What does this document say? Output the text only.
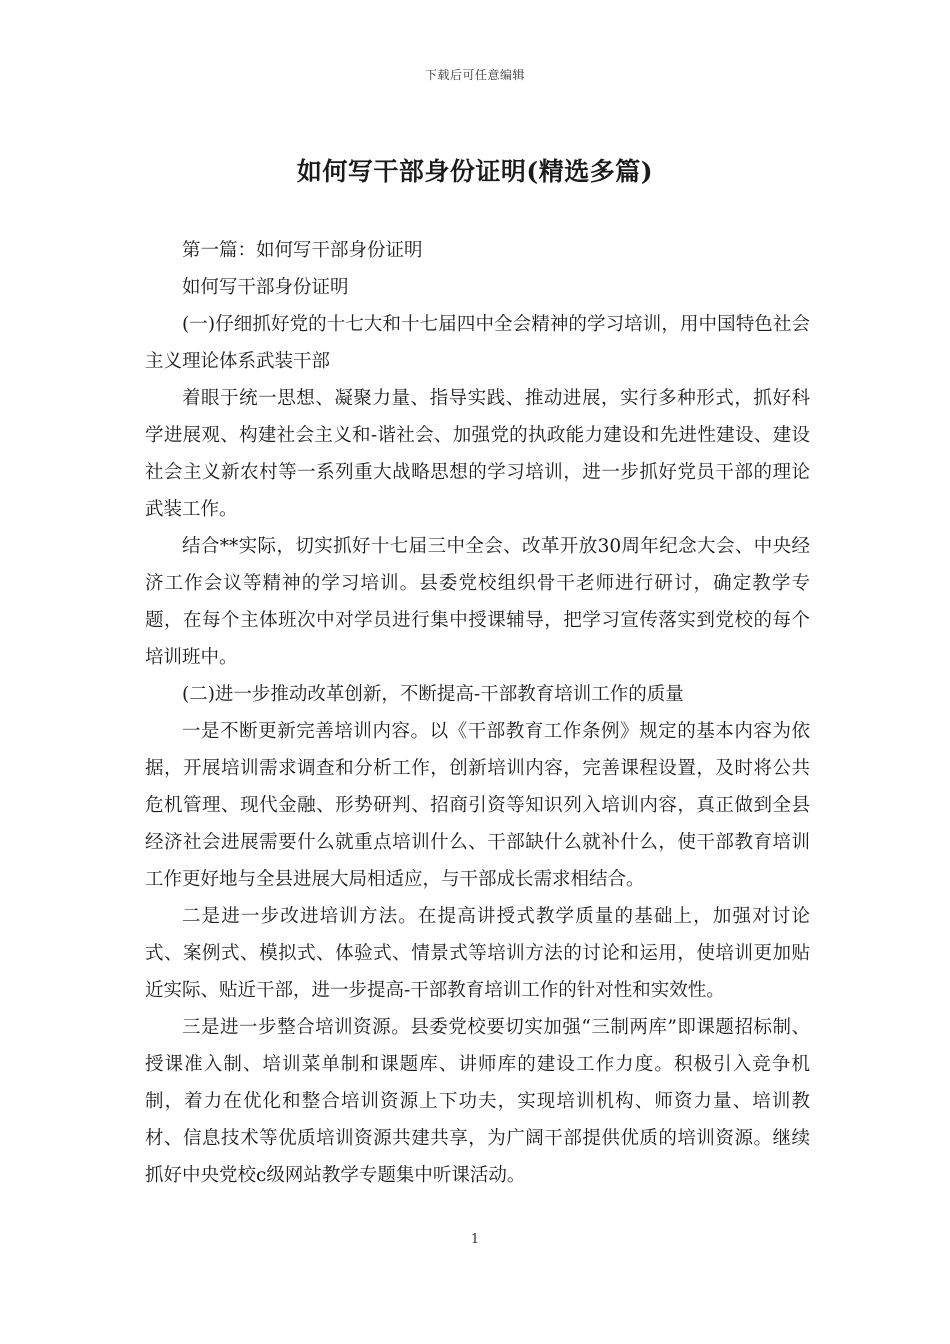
下载后可任意编辑
如何写干部身份证明(精选多篇)

第一篇：如何写干部身份证明

如何写干部身份证明

(一)仔细抓好党的十七大和十七届四中全会精神的学习培训，用中国特色社会主义理论体系武装干部

着眼于统一思想、凝聚力量、指导实践、推动进展，实行多种形式，抓好科学进展观、构建社会主义和-谐社会、加强党的执政能力建设和先进性建设、建设社会主义新农村等一系列重大战略思想的学习培训，进一步抓好党员干部的理论武装工作。

结合**实际，切实抓好十七届三中全会、改革开放30周年纪念大会、中央经济工作会议等精神的学习培训。县委党校组织骨干老师进行研讨，确定教学专题，在每个主体班次中对学员进行集中授课辅导，把学习宣传落实到党校的每个培训班中。

(二)进一步推动改革创新，不断提高-干部教育培训工作的质量

一是不断更新完善培训内容。以《干部教育工作条例》规定的基本内容为依据，开展培训需求调查和分析工作，创新培训内容，完善课程设置，及时将公共危机管理、现代金融、形势研判、招商引资等知识列入培训内容，真正做到全县经济社会进展需要什么就重点培训什么、干部缺什么就补什么，使干部教育培训工作更好地与全县进展大局相适应，与干部成长需求相结合。

二是进一步改进培训方法。在提高讲授式教学质量的基础上，加强对讨论式、案例式、模拟式、体验式、情景式等培训方法的讨论和运用，使培训更加贴近实际、贴近干部，进一步提高-干部教育培训工作的针对性和实效性。

三是进一步整合培训资源。县委党校要切实加强“三制两库”即课题招标制、授课准入制、培训菜单制和课题库、讲师库的建设工作力度。积极引入竞争机制，着力在优化和整合培训资源上下功夫，实现培训机构、师资力量、培训教材、信息技术等优质培训资源共建共享，为广阔干部提供优质的培训资源。继续抓好中央党校c级网站教学专题集中听课活动。

1
